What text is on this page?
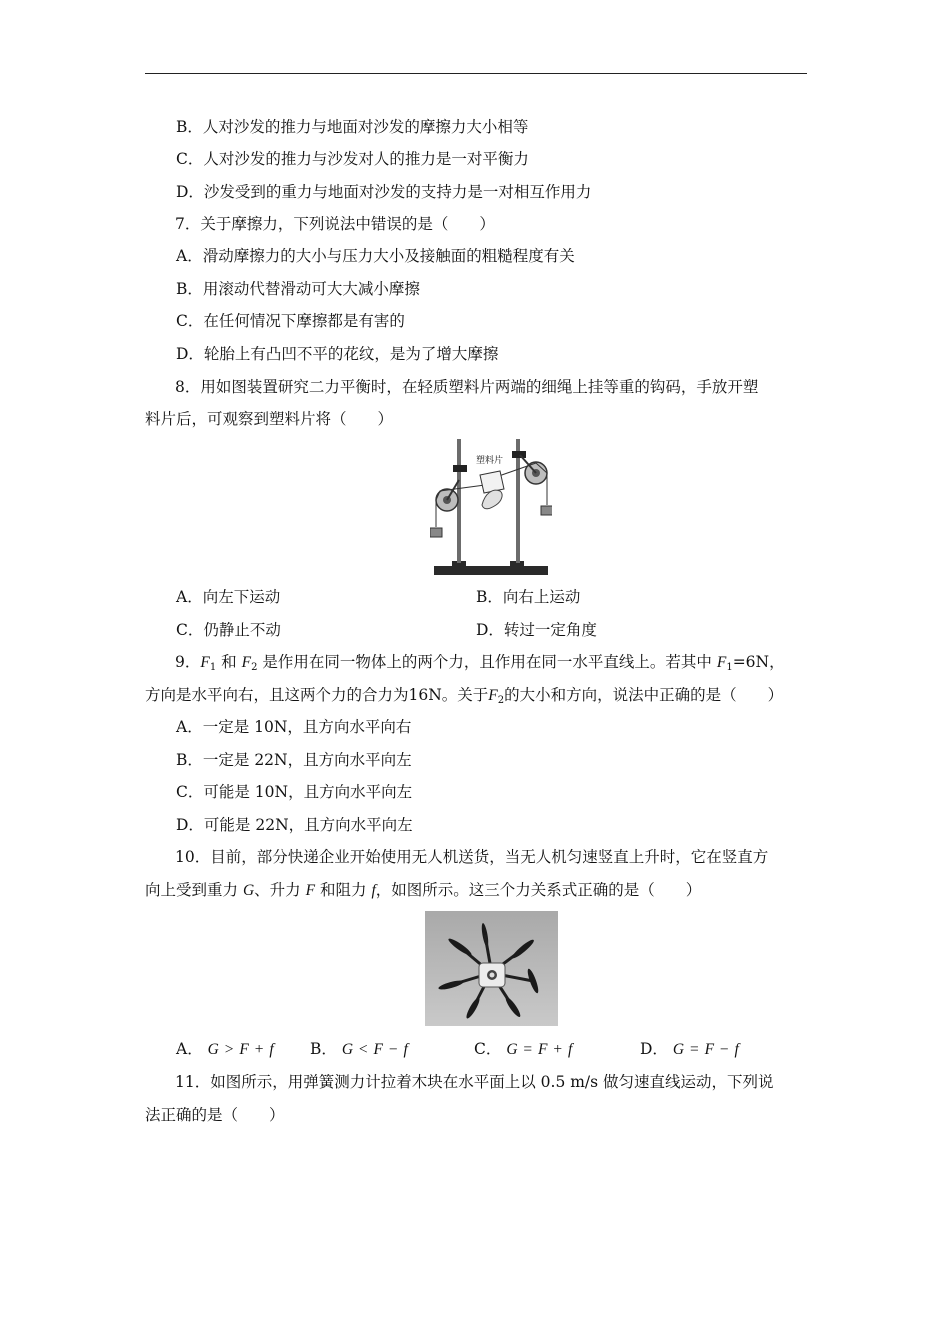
B．人对沙发的推力与地面对沙发的摩擦力大小相等
C．人对沙发的推力与沙发对人的推力是一对平衡力
D．沙发受到的重力与地面对沙发的支持力是一对相互作用力
7．关于摩擦力，下列说法中错误的是（　　）
A．滑动摩擦力的大小与压力大小及接触面的粗糙程度有关
B．用滚动代替滑动可大大减小摩擦
C．在任何情况下摩擦都是有害的
D．轮胎上有凸凹不平的花纹，是为了增大摩擦
8．用如图装置研究二力平衡时，在轻质塑料片两端的细绳上挂等重的钩码，手放开塑
料片后，可观察到塑料片将（　　）
塑料片
A．向左下运动	B．向右上运动
C．仍静止不动	D．转过一定角度
9．$F_1$ 和 $F_2$ 是作用在同一物体上的两个力，且作用在同一水平直线上。若其中 $F_1=6N$，
方向是水平向右，且这两个力的合力为16N。关于$F_2$的大小和方向，说法中正确的是（　　）
A．一定是 10N，且方向水平向右
B．一定是 22N，且方向水平向左
C．可能是 10N，且方向水平向左
D．可能是 22N，且方向水平向左
10．目前，部分快递企业开始使用无人机送货，当无人机匀速竖直上升时，它在竖直方
向上受到重力 G、升力 F 和阻力 f，如图所示。这三个力关系式正确的是（　　）
A． G > F + f B． G < F − f	C． G = F + f	D． G = F − f
11．如图所示，用弹簧测力计拉着木块在水平面上以 0.5 m/s 做匀速直线运动，下列说
法正确的是（　　）
